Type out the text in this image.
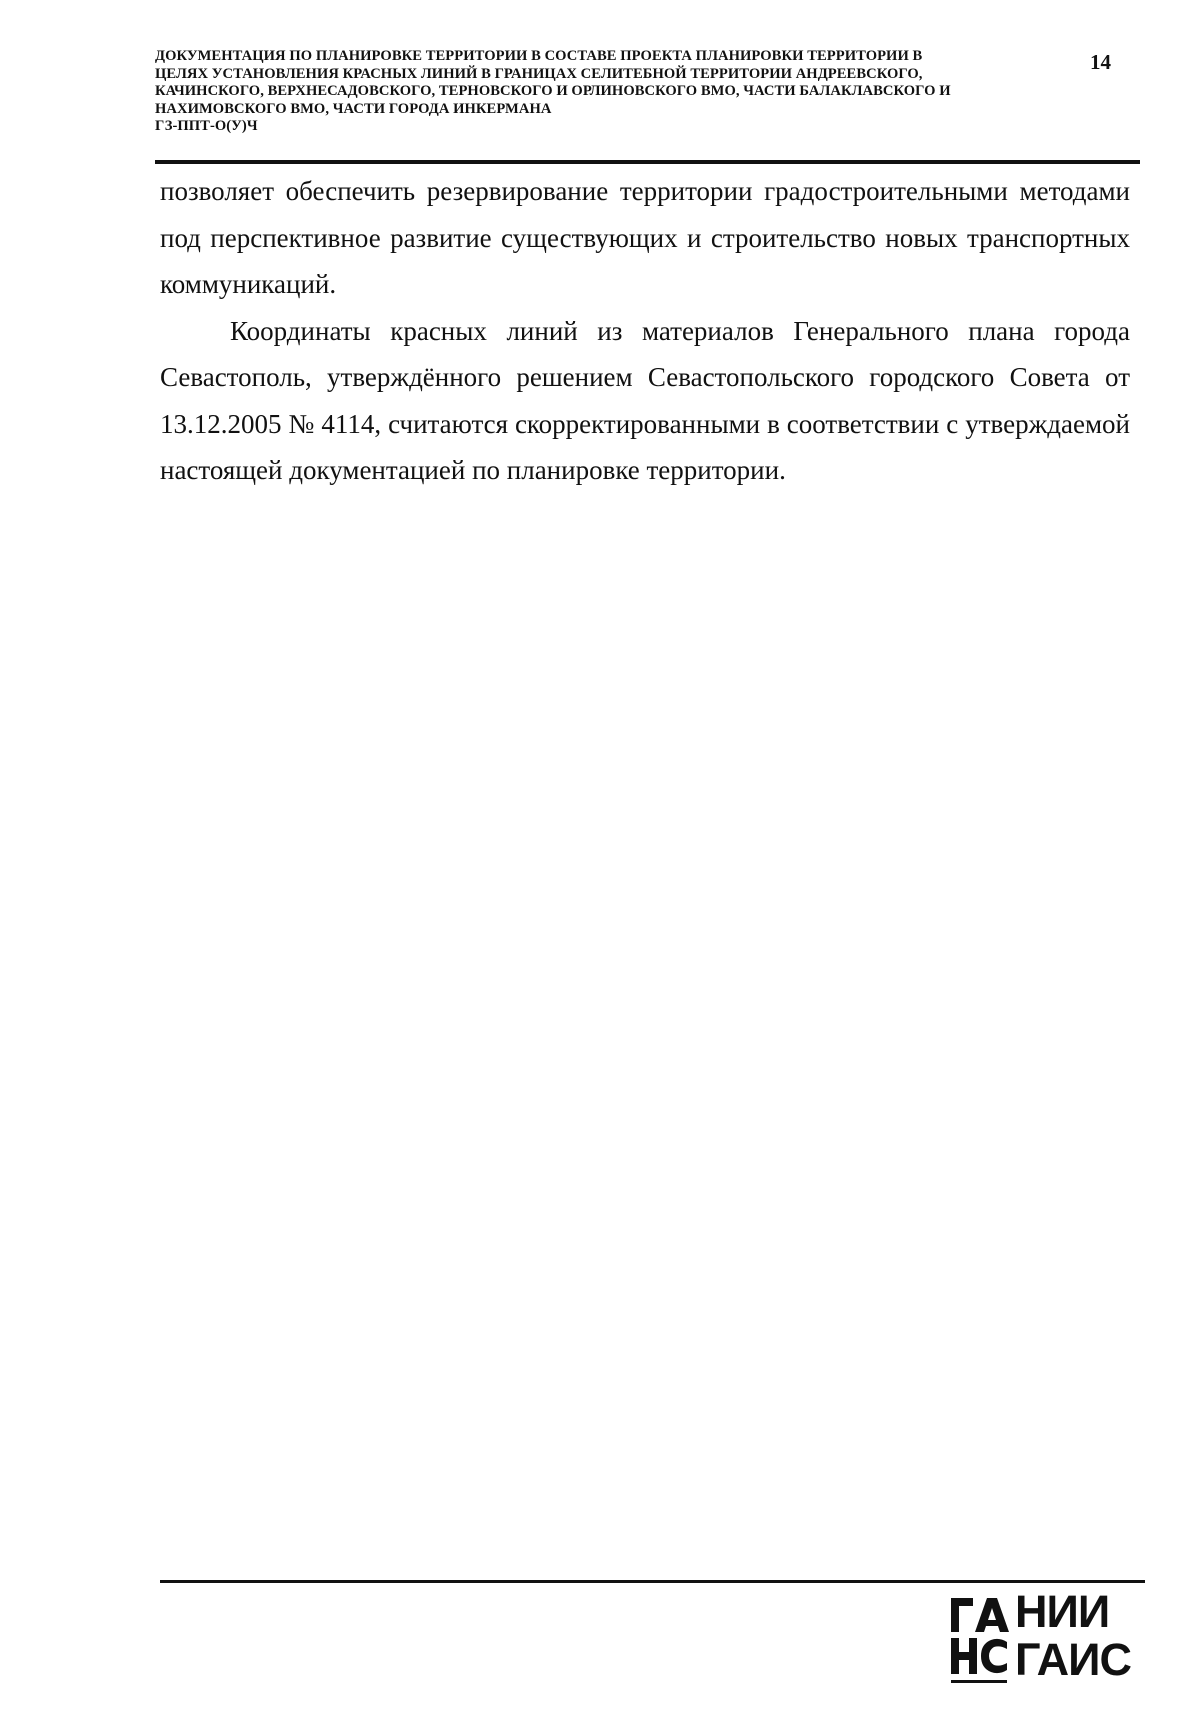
ДОКУМЕНТАЦИЯ ПО ПЛАНИРОВКЕ ТЕРРИТОРИИ В СОСТАВЕ ПРОЕКТА ПЛАНИРОВКИ ТЕРРИТОРИИ В
ЦЕЛЯХ УСТАНОВЛЕНИЯ КРАСНЫХ ЛИНИЙ В ГРАНИЦАХ СЕЛИТЕБНОЙ ТЕРРИТОРИИ АНДРЕЕВСКОГО,
КАЧИНСКОГО, ВЕРХНЕСАДОВСКОГО, ТЕРНОВСКОГО И ОРЛИНОВСКОГО ВМО, ЧАСТИ БАЛАКЛАВСКОГО И
НАХИМОВСКОГО ВМО, ЧАСТИ ГОРОДА ИНКЕРМАНА
ГЗ-ППТ-О(У)Ч
14

позволяет обеспечить резервирование территории градостроительными методами под перспективное развитие существующих и строительство новых транспортных коммуникаций.

Координаты красных линий из материалов Генерального плана города Севастополь, утверждённого решением Севастопольского городского Совета от 13.12.2005 № 4114, считаются скорректированными в соответствии с утверждаемой настоящей документацией по планировке территории.

НИИ
ГАИС
